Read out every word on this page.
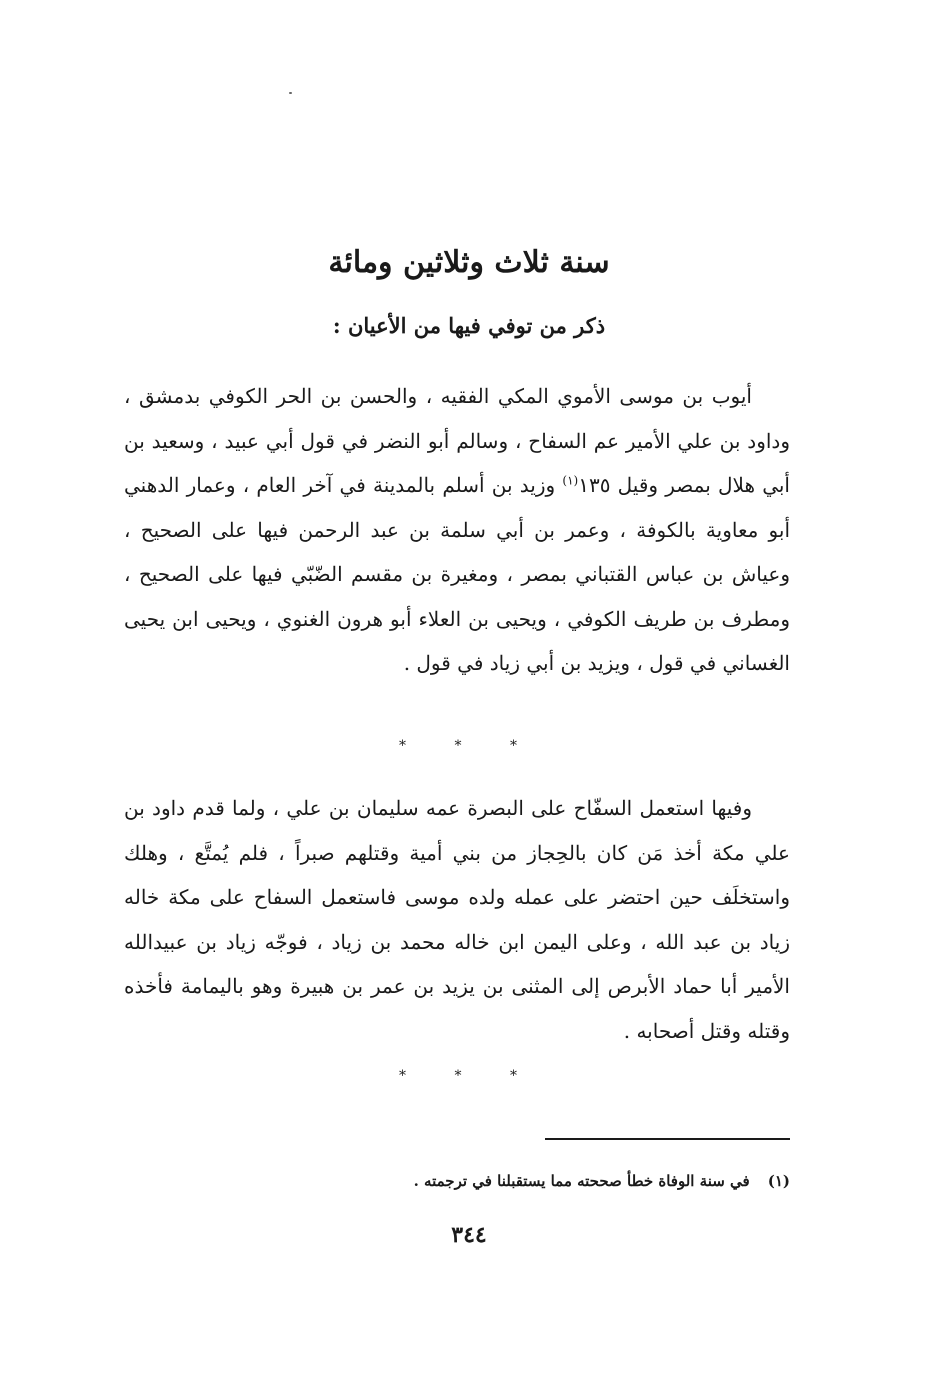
سنة ثلاث وثلاثين ومائة
ذكر من توفي فيها من الأعيان :

أيوب بن موسى الأموي المكي الفقيه ، والحسن بن الحر الكوفي بدمشق ، وداود بن علي الأمير عم السفاح ، وسالم أبو النضر في قول أبي عبيد ، وسعيد بن أبي هلال بمصر وقيل ١٣٥$^{(١)}$ وزيد بن أسلم بالمدينة في آخر العام ، وعمار الدهني أبو معاوية بالكوفة ، وعمر بن أبي سلمة بن عبد الرحمن فيها على الصحيح ، وعياش بن عباس القتباني بمصر ، ومغيرة بن مقسم الضّبّي فيها على الصحيح ، ومطرف بن طريف الكوفي ، ويحيى بن العلاء أبو هرون الغنوي ، ويحيى ابن يحيى الغساني في قول ، ويزيد بن أبي زياد في قول .

* * *

وفيها استعمل السفّاح على البصرة عمه سليمان بن علي ، ولما قدم داود بن علي مكة أخذ مَن كان بالحِجاز من بني أمية وقتلهم صبراً ، فلم يُمتَّع ، وهلك واستخلَف حين احتضر على عمله ولده موسى فاستعمل السفاح على مكة خاله زياد بن عبد الله ، وعلى اليمن ابن خاله محمد بن زياد ، فوجّه زياد بن عبيدالله الأمير أبا حماد الأبرص إلى المثنى بن يزيد بن عمر بن هبيرة وهو باليمامة فأخذه وقتله وقتل أصحابه .

* * *

(١)في سنة الوفاة خطأ صححته مما يستقبلنا في ترجمته .

٣٤٤
